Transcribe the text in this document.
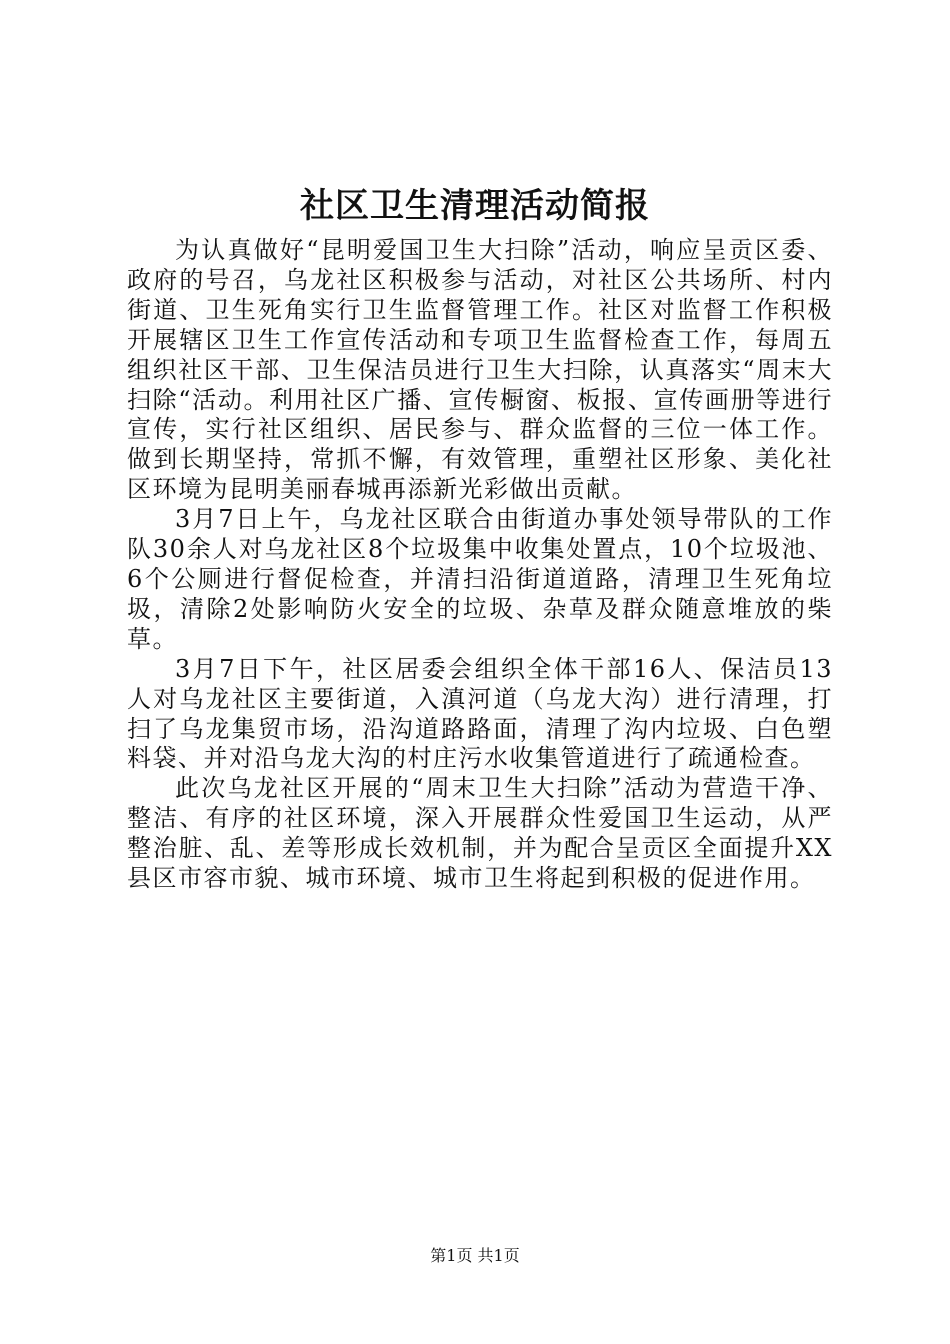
社区卫生清理活动简报

为认真做好“昆明爱国卫生大扫除”活动，响应呈贡区委、政府的号召，乌龙社区积极参与活动，对社区公共场所、村内街道、卫生死角实行卫生监督管理工作。社区对监督工作积极开展辖区卫生工作宣传活动和专项卫生监督检查工作，每周五组织社区干部、卫生保洁员进行卫生大扫除，认真落实“周末大扫除“活动。利用社区广播、宣传橱窗、板报、宣传画册等进行宣传，实行社区组织、居民参与、群众监督的三位一体工作。做到长期坚持，常抓不懈，有效管理，重塑社区形象、美化社区环境为昆明美丽春城再添新光彩做出贡献。

3月7日上午，乌龙社区联合由街道办事处领导带队的工作队30余人对乌龙社区8个垃圾集中收集处置点，10个垃圾池、6个公厕进行督促检查，并清扫沿街道道路，清理卫生死角垃圾，清除2处影响防火安全的垃圾、杂草及群众随意堆放的柴草。

3月7日下午，社区居委会组织全体干部16人、保洁员13人对乌龙社区主要街道，入滇河道（乌龙大沟）进行清理，打扫了乌龙集贸市场，沿沟道路路面，清理了沟内垃圾、白色塑料袋、并对沿乌龙大沟的村庄污水收集管道进行了疏通检查。

此次乌龙社区开展的“周末卫生大扫除”活动为营造干净、整洁、有序的社区环境，深入开展群众性爱国卫生运动，从严整治脏、乱、差等形成长效机制，并为配合呈贡区全面提升XX县区市容市貌、城市环境、城市卫生将起到积极的促进作用。

第1页 共1页
